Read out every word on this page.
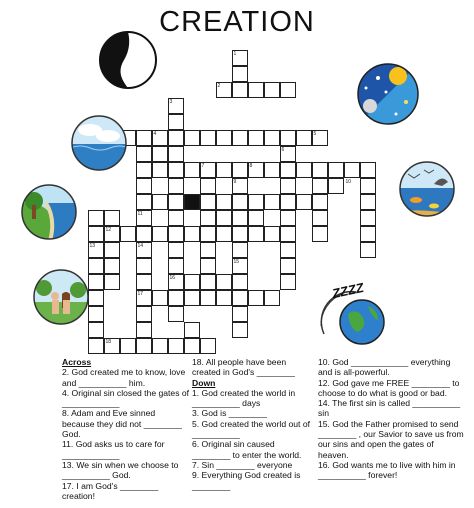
CREATION
1
2
3
4	5
6
7	8
9	10
11
12
13	14
15
16
17
18
ZZZZ
Across
2. God created me to know, love and __________ him.
4. Original sin closed the gates of ____________
8. Adam and Eve sinned because they did not ________ God.
11. God asks us to care for ____________
13. We sin when we choose to __________ God.
17. I am God's ________ creation!
18. All people have been created in God's ________
Down
1. God created the world in __________ days
3. God is ________
5. God created the world out of __________
6. Original sin caused ________ to enter the world.
7. Sin ________ everyone
9. Everything God created is ________
10. God ____________ everything and is all-powerful.
12. God gave me FREE ________ to choose to do what is good or bad.
14. The first sin is called __________ sin
15. God the Father promised to send ________ , our Savior to save us from our sins and open the gates of heaven.
16. God wants me to live with him in __________ forever!
